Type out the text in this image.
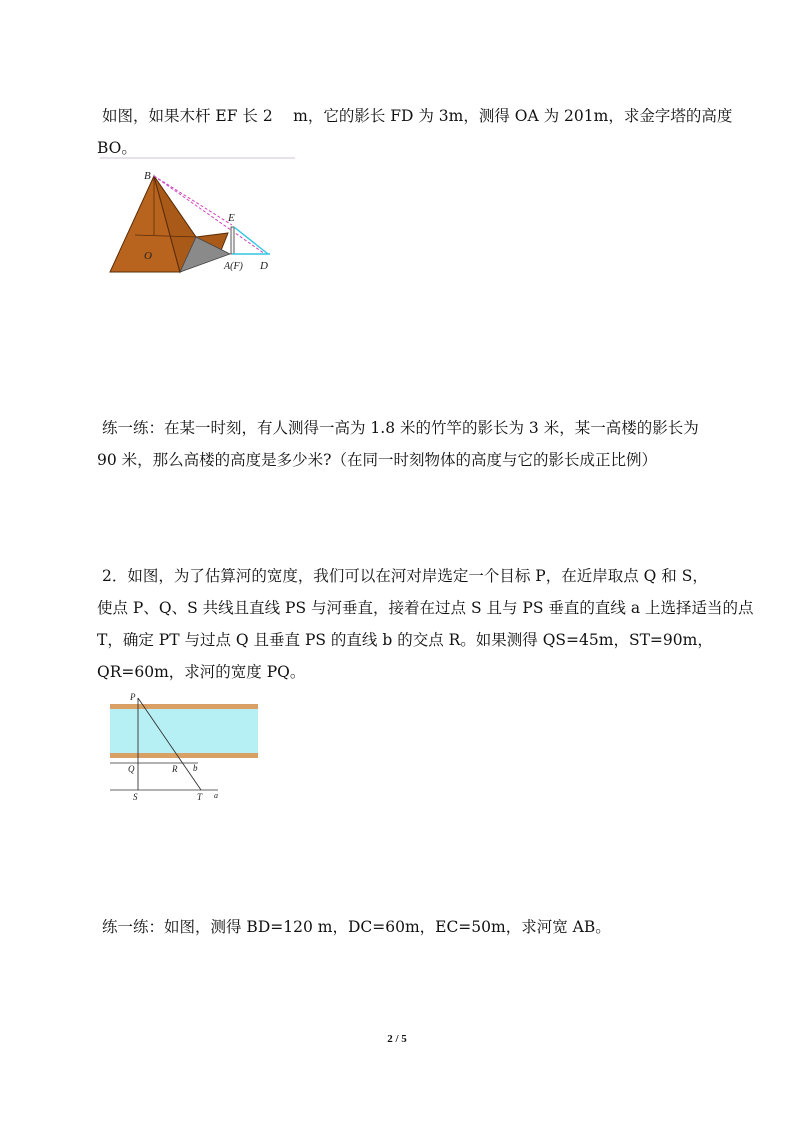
如图，如果木杆 EF 长 2　 m，它的影长 FD 为 3m，测得 OA 为 201m，求金字塔的高度
BO。
B
E
O
A(F) D
练一练：在某一时刻，有人测得一高为 1.8 米的竹竿的影长为 3 米，某一高楼的影长为
90 米，那么高楼的高度是多少米?（在同一时刻物体的高度与它的影长成正比例）
2．如图，为了估算河的宽度，我们可以在河对岸选定一个目标 P，在近岸取点 Q 和 S，
使点 P、Q、S 共线且直线 PS 与河垂直，接着在过点 S 且与 PS 垂直的直线 a 上选择适当的点
T，确定 PT 与过点 Q 且垂直 PS 的直线 b 的交点 R。如果测得 QS=45m，ST=90m，
QR=60m，求河的宽度 PQ。
P
Q	R b
S	T a
练一练：如图，测得 BD=120 m，DC=60m，EC=50m，求河宽 AB。
2 / 5
